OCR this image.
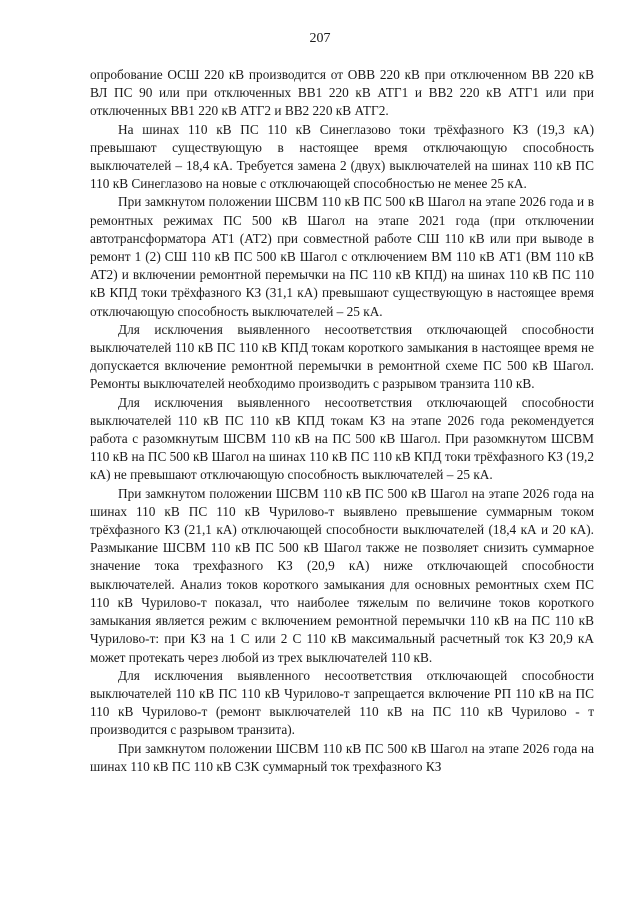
207

опробование ОСШ 220 кВ производится от ОВВ 220 кВ при отключенном ВВ 220 кВ ВЛ ПС 90 или при отключенных ВВ1 220 кВ АТГ1 и ВВ2 220 кВ АТГ1 или при отключенных ВВ1 220 кВ АТГ2 и ВВ2 220 кВ АТГ2.

На шинах 110 кВ ПС 110 кВ Синеглазово токи трёхфазного КЗ (19,3 кА) превышают существующую в настоящее время отключающую способность выключателей – 18,4 кА. Требуется замена 2 (двух) выключателей на шинах 110 кВ ПС 110 кВ Синеглазово на новые с отключающей способностью не менее 25 кА.

При замкнутом положении ШСВМ 110 кВ ПС 500 кВ Шагол на этапе 2026 года и в ремонтных режимах ПС 500 кВ Шагол на этапе 2021 года (при отключении автотрансформатора АТ1 (АТ2) при совместной работе СШ 110 кВ или при выводе в ремонт 1 (2) СШ 110 кВ ПС 500 кВ Шагол с отключением ВМ 110 кВ АТ1 (ВМ 110 кВ АТ2) и включении ремонтной перемычки на ПС 110 кВ КПД) на шинах 110 кВ ПС 110 кВ КПД токи трёхфазного КЗ (31,1 кА) превышают существующую в настоящее время отключающую способность выключателей – 25 кА.

Для исключения выявленного несоответствия отключающей способности выключателей 110 кВ ПС 110 кВ КПД токам короткого замыкания в настоящее время не допускается включение ремонтной перемычки в ремонтной схеме ПС 500 кВ Шагол. Ремонты выключателей необходимо производить с разрывом транзита 110 кВ.

Для исключения выявленного несоответствия отключающей способности выключателей 110 кВ ПС 110 кВ КПД токам КЗ на этапе 2026 года рекомендуется работа с разомкнутым ШСВМ 110 кВ на ПС 500 кВ Шагол. При разомкнутом ШСВМ 110 кВ на ПС 500 кВ Шагол на шинах 110 кВ ПС 110 кВ КПД токи трёхфазного КЗ (19,2 кА) не превышают отключающую способность выключателей – 25 кА.

При замкнутом положении ШСВМ 110 кВ ПС 500 кВ Шагол на этапе 2026 года на шинах 110 кВ ПС 110 кВ Чурилово-т выявлено превышение суммарным током трёхфазного КЗ (21,1 кА) отключающей способности выключателей (18,4 кА и 20 кА). Размыкание ШСВМ 110 кВ ПС 500 кВ Шагол также не позволяет снизить суммарное значение тока трехфазного КЗ (20,9 кА) ниже отключающей способности выключателей. Анализ токов короткого замыкания для основных ремонтных схем ПС 110 кВ Чурилово-т показал, что наиболее тяжелым по величине токов короткого замыкания является режим с включением ремонтной перемычки 110 кВ на ПС 110 кВ Чурилово-т: при КЗ на 1 С или 2 С 110 кВ максимальный расчетный ток КЗ 20,9 кА может протекать через любой из трех выключателей 110 кВ.

Для исключения выявленного несоответствия отключающей способности выключателей 110 кВ ПС 110 кВ Чурилово-т запрещается включение РП 110 кВ на ПС 110 кВ Чурилово-т (ремонт выключателей 110 кВ на ПС 110 кВ Чурилово - т производится с разрывом транзита).

При замкнутом положении ШСВМ 110 кВ ПС 500 кВ Шагол на этапе 2026 года на шинах 110 кВ ПС 110 кВ СЗК суммарный ток трехфазного КЗ
